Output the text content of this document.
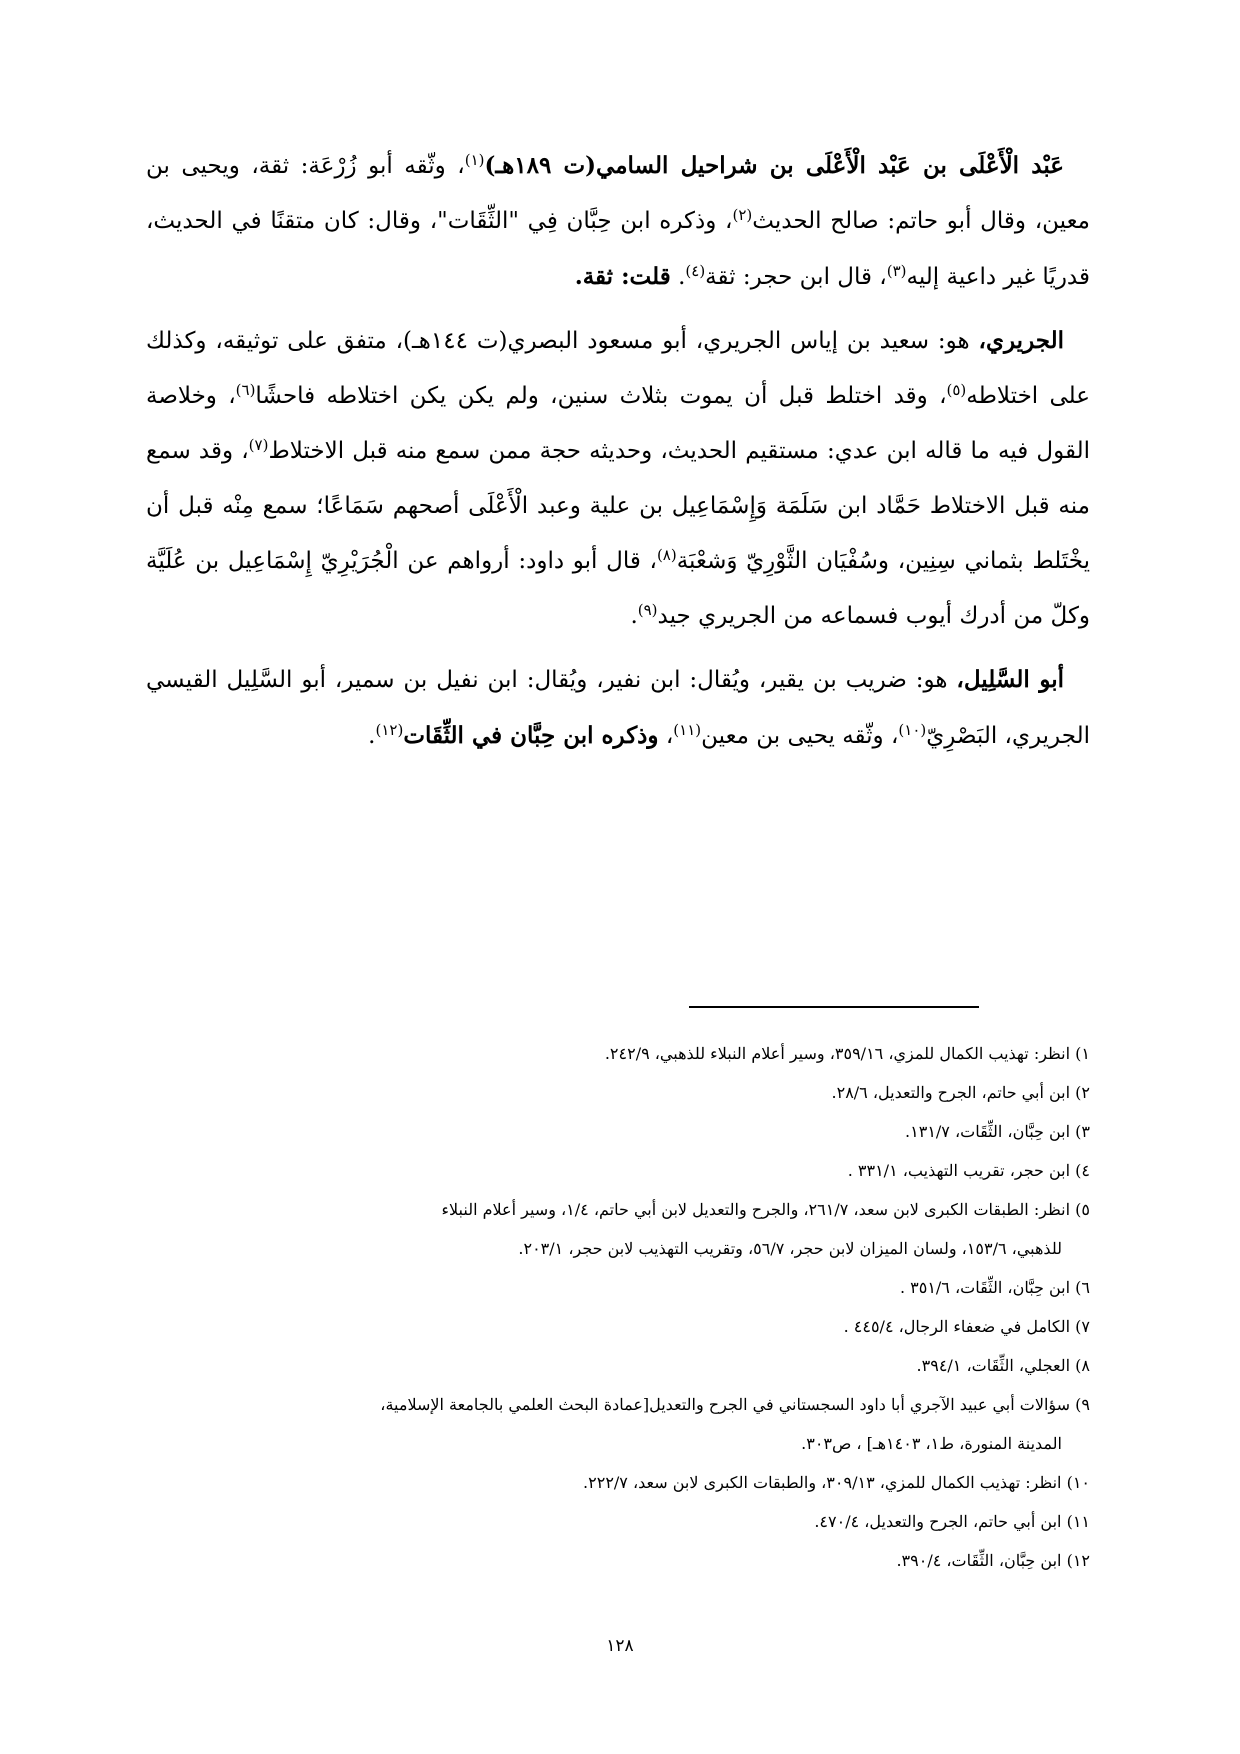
عَبْد الْأَعْلَى بن عَبْد الْأَعْلَى بن شراحيل السامي(ت ١٨٩هـ)$^{(١)}$، وثّقه أبو زُرْعَة: ثقة، ويحيى بن معين، وقال أبو حاتم: صالح الحديث$^{(٢)}$، وذكره ابن حِبَّان فِي "الثِّقَات"، وقال: كان متقنًا في الحديث، قدريًا غير داعية إليه$^{(٣)}$، قال ابن حجر: ثقة$^{(٤)}$. قلت: ثقة.

الجريري، هو: سعيد بن إياس الجريري، أبو مسعود البصري(ت ١٤٤هـ)، متفق على توثيقه، وكذلك على اختلاطه$^{(٥)}$، وقد اختلط قبل أن يموت بثلاث سنين، ولم يكن يكن اختلاطه فاحشًا$^{(٦)}$، وخلاصة القول فيه ما قاله ابن عدي: مستقيم الحديث، وحديثه حجة ممن سمع منه قبل الاختلاط$^{(٧)}$، وقد سمع منه قبل الاختلاط حَمَّاد ابن سَلَمَة وَإِسْمَاعِيل بن علية وعبد الْأَعْلَى أصحهم سَمَاعًا؛ سمع مِنْه قبل أن يخْتَلط بثماني سِنِين، وسُفْيَان الثَّوْرِيّ وَشعْبَة$^{(٨)}$، قال أبو داود: أرواهم عن الْجُرَيْرِيّ إِسْمَاعِيل بن عُلَيَّة وكلّ من أدرك أيوب فسماعه من الجريري جيد$^{(٩)}$.

أبو السَّلِيل، هو: ضريب بن يقير، ويُقال: ابن نفير، ويُقال: ابن نفيل بن سمير، أبو السَّلِيل القيسي الجريري، البَصْرِيّ$^{(١٠)}$، وثّقه يحيى بن معين$^{(١١)}$، وذكره ابن حِبَّان في الثِّقَات$^{(١٢)}$.

١) انظر: تهذيب الكمال للمزي، ٣٥٩/١٦، وسير أعلام النبلاء للذهبي، ٢٤٢/٩.
٢) ابن أبي حاتم، الجرح والتعديل، ٢٨/٦.
٣) ابن حِبَّان، الثِّقَات، ١٣١/٧.
٤) ابن حجر، تقريب التهذيب، ٣٣١/١ .
٥) انظر: الطبقات الكبرى لابن سعد، ٢٦١/٧، والجرح والتعديل لابن أبي حاتم، ١/٤، وسير أعلام النبلاء
للذهبي، ١٥٣/٦، ولسان الميزان لابن حجر، ٥٦/٧، وتقريب التهذيب لابن حجر، ٢٠٣/١.
٦) ابن حِبَّان، الثِّقَات، ٣٥١/٦ .
٧) الكامل في ضعفاء الرجال، ٤٤٥/٤ .
٨) العجلي، الثِّقَات، ٣٩٤/١.
٩) سؤالات أبي عبيد الآجري أبا داود السجستاني في الجرح والتعديل[عمادة البحث العلمي بالجامعة الإسلامية،
المدينة المنورة، ط١، ١٤٠٣هـ] ، ص٣٠٣.
١٠) انظر: تهذيب الكمال للمزي، ٣٠٩/١٣، والطبقات الكبرى لابن سعد، ٢٢٢/٧.
١١) ابن أبي حاتم، الجرح والتعديل، ٤٧٠/٤.
١٢) ابن حِبَّان، الثِّقَات، ٣٩٠/٤.
١٢٨
